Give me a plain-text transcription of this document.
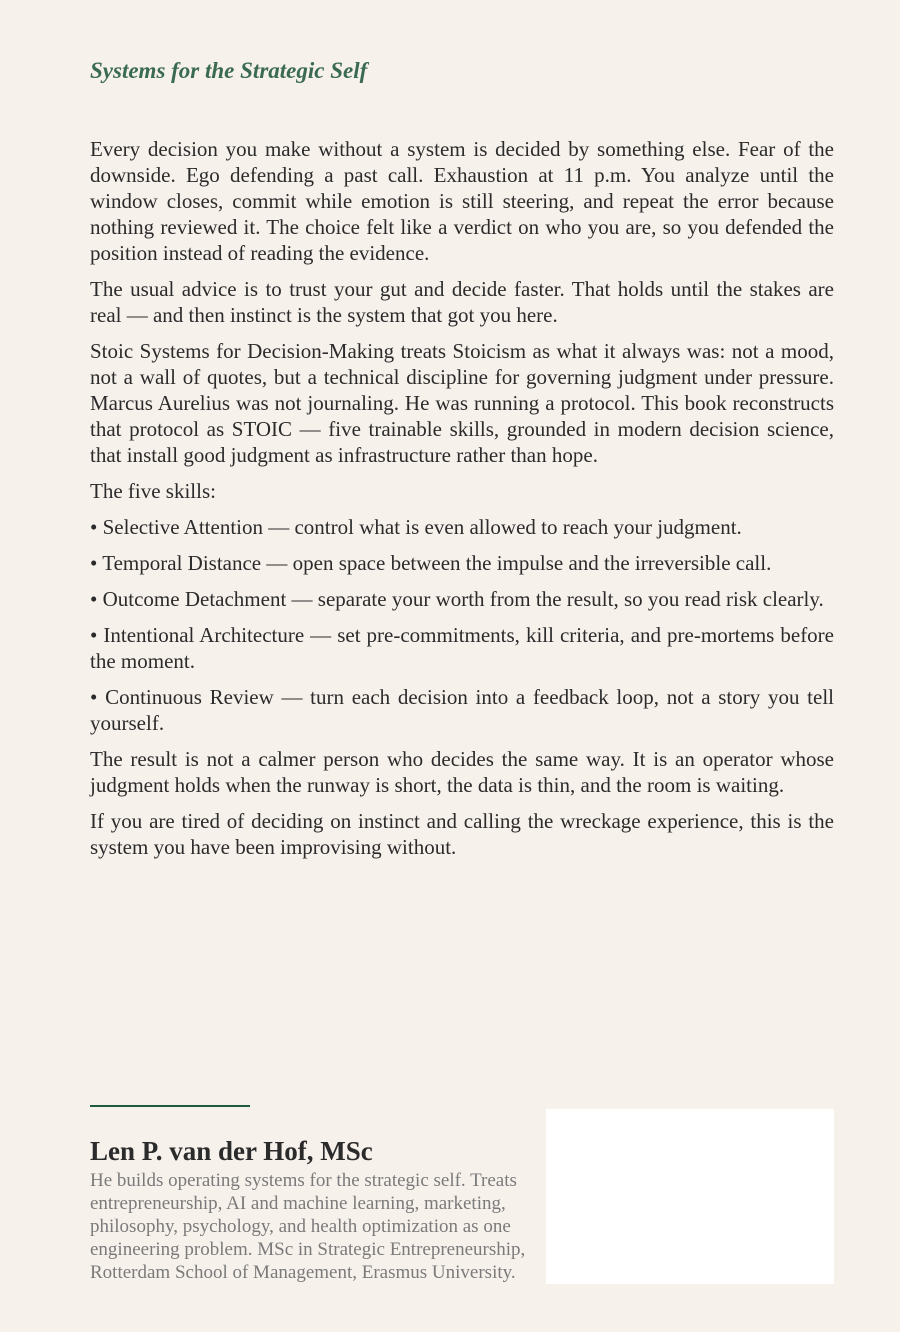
Systems for the Strategic Self

Every decision you make without a system is decided by something else. Fear of the downside. Ego defending a past call. Exhaustion at 11 p.m. You analyze until the window closes, commit while emotion is still steering, and repeat the error because nothing reviewed it. The choice felt like a verdict on who you are, so you defended the position instead of reading the evidence.

The usual advice is to trust your gut and decide faster. That holds until the stakes are real — and then instinct is the system that got you here.

Stoic Systems for Decision-Making treats Stoicism as what it always was: not a mood, not a wall of quotes, but a technical discipline for governing judgment under pressure. Marcus Aurelius was not journaling. He was running a protocol. This book reconstructs that protocol as STOIC — five trainable skills, grounded in modern decision science, that install good judgment as infrastructure rather than hope.

The five skills:

• Selective Attention — control what is even allowed to reach your judgment.

• Temporal Distance — open space between the impulse and the irreversible call.

• Outcome Detachment — separate your worth from the result, so you read risk clearly.

• Intentional Architecture — set pre-commitments, kill criteria, and pre-mortems before the moment.

• Continuous Review — turn each decision into a feedback loop, not a story you tell yourself.

The result is not a calmer person who decides the same way. It is an operator whose judgment holds when the runway is short, the data is thin, and the room is waiting.

If you are tired of deciding on instinct and calling the wreckage experience, this is the system you have been improvising without.

Len P. van der Hof, MSc

He builds operating systems for the strategic self. Treats entrepreneurship, AI and machine learning, marketing, philosophy, psychology, and health optimization as one engineering problem. MSc in Strategic Entrepreneurship, Rotterdam School of Management, Erasmus University.
